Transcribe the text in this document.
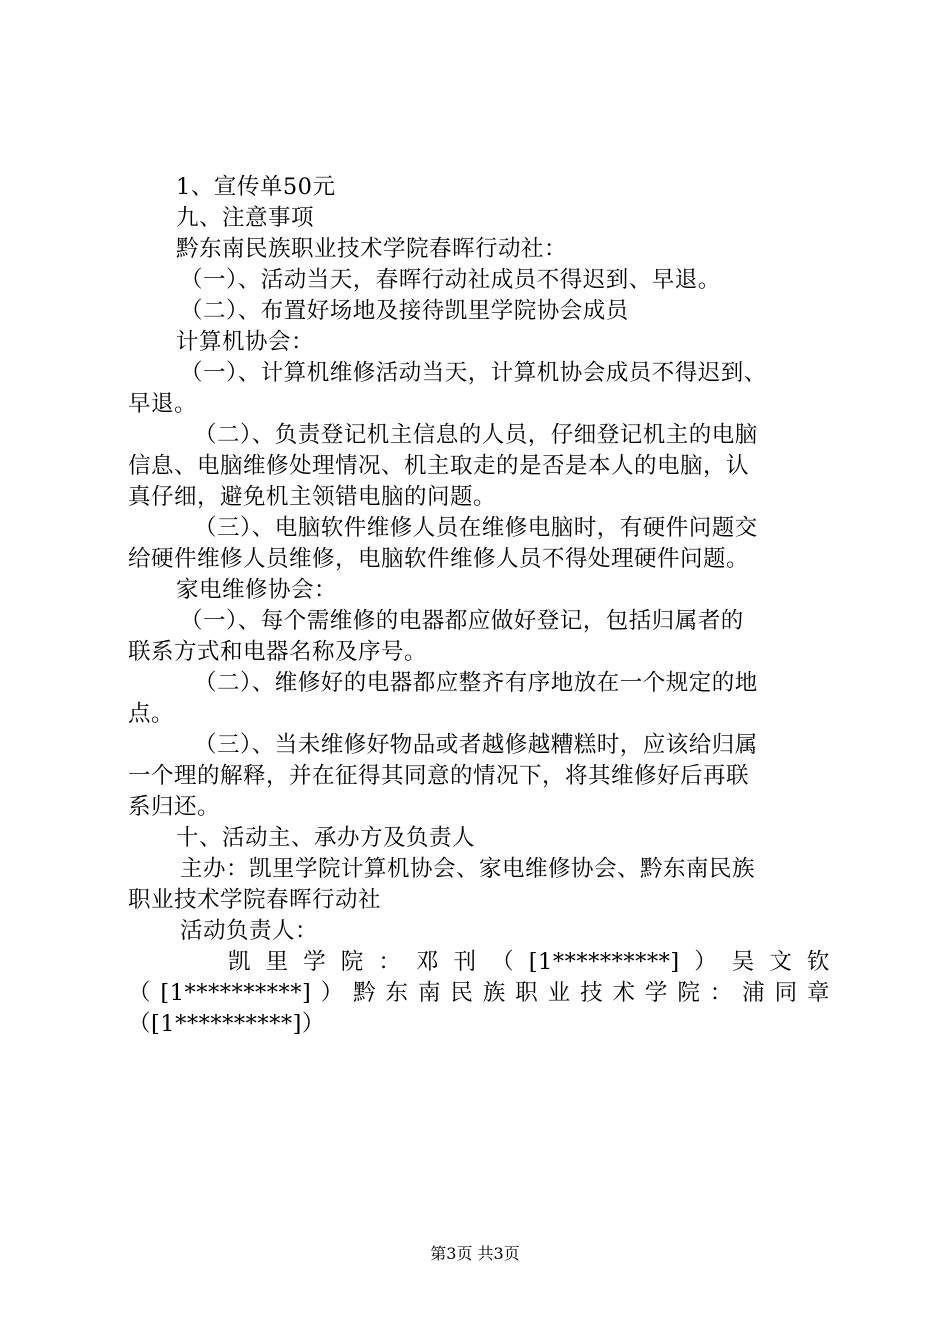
1、宣传单50元
九、注意事项
黔东南民族职业技术学院春晖行动社：
（一）、活动当天，春晖行动社成员不得迟到、早退。
（二）、布置好场地及接待凯里学院协会成员
计算机协会：
（一）、计算机维修活动当天，计算机协会成员不得迟到、
早退。
（二）、负责登记机主信息的人员，仔细登记机主的电脑
信息、电脑维修处理情况、机主取走的是否是本人的电脑，认
真仔细，避免机主领错电脑的问题。
（三）、电脑软件维修人员在维修电脑时，有硬件问题交
给硬件维修人员维修，电脑软件维修人员不得处理硬件问题。
家电维修协会：
（一）、每个需维修的电器都应做好登记，包括归属者的
联系方式和电器名称及序号。
（二）、维修好的电器都应整齐有序地放在一个规定的地
点。
（三）、当未维修好物品或者越修越糟糕时，应该给归属
一个理的解释，并在征得其同意的情况下，将其维修好后再联
系归还。
十、活动主、承办方及负责人
主办：凯里学院计算机协会、家电维修协会、黔东南民族
职业技术学院春晖行动社
活动负责人：
凯里学院：邓刊（[1**********]）吴文钦
（[1**********]）黔东南民族职业技术学院：浦同章
（[1**********]）
第3页 共3页
